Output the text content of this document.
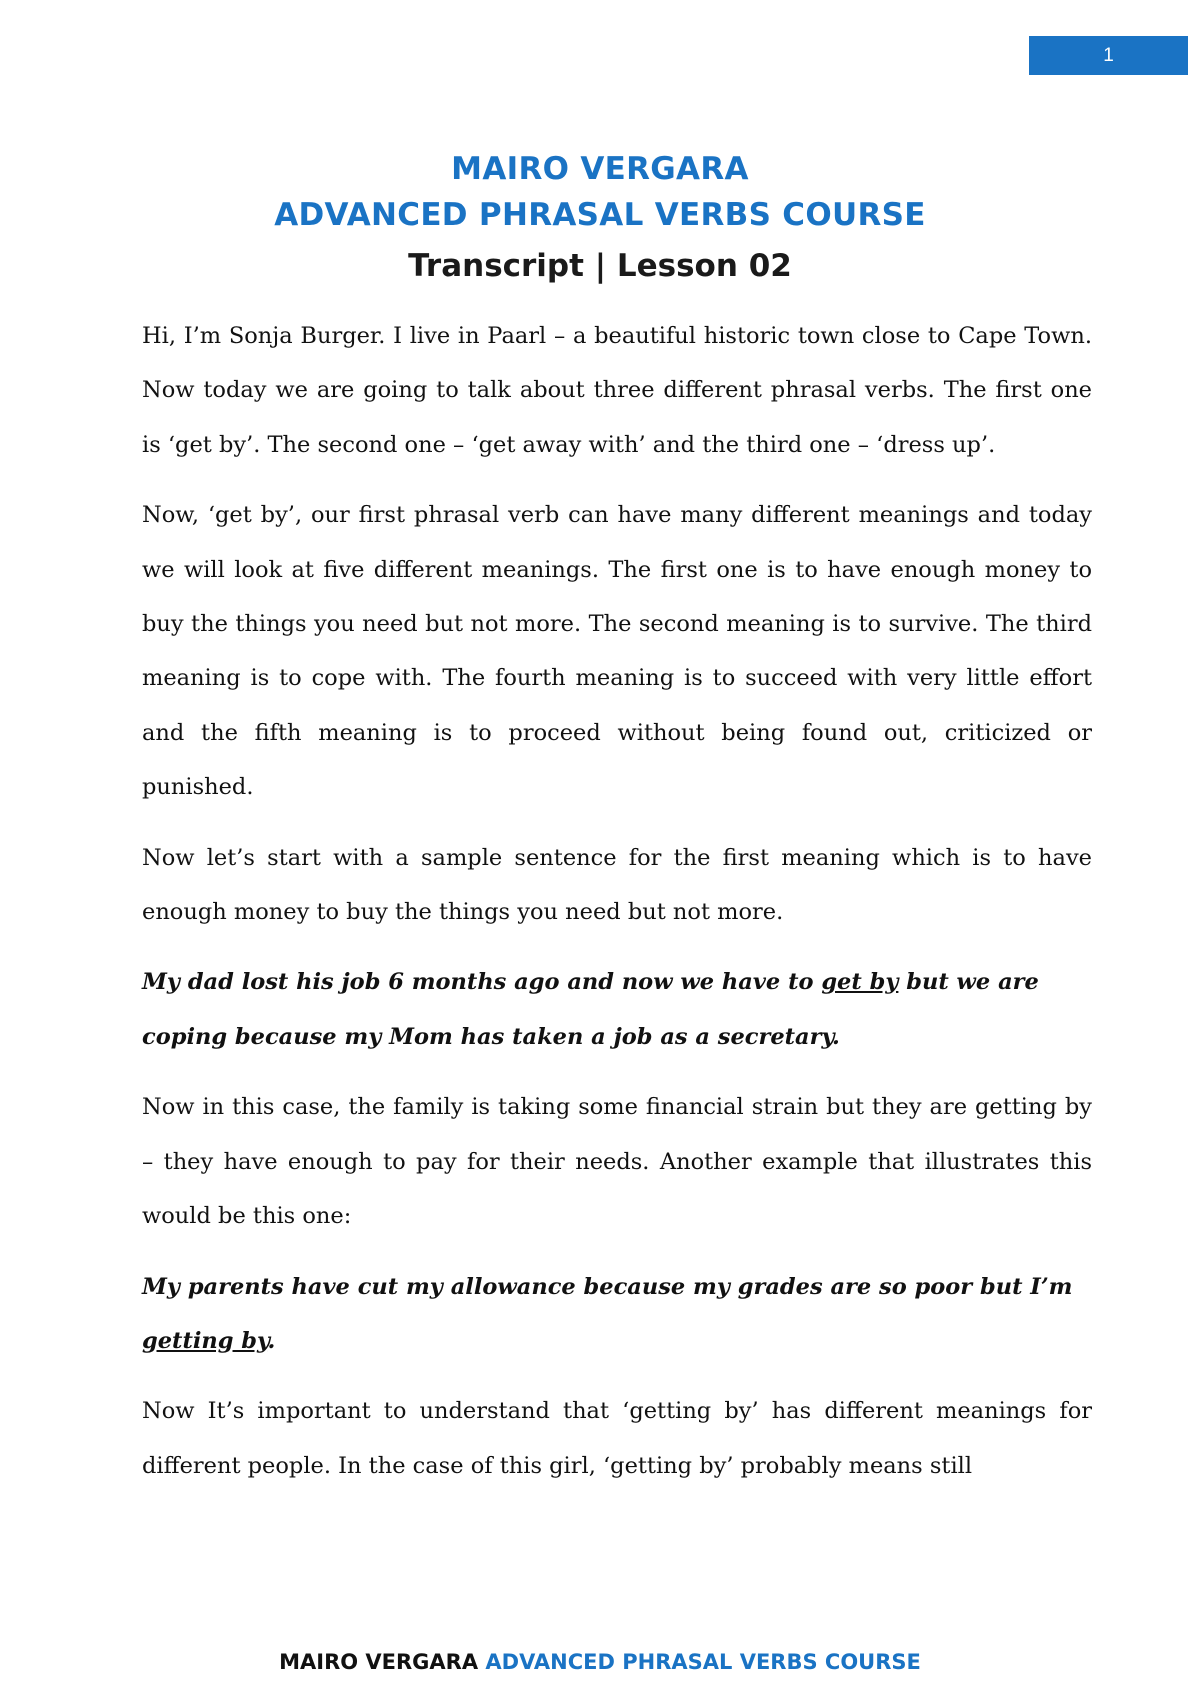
1
MAIRO VERGARA
ADVANCED PHRASAL VERBS COURSE
Transcript | Lesson 02

Hi, I’m Sonja Burger. I live in Paarl – a beautiful historic town close to Cape Town. Now today we are going to talk about three different phrasal verbs. The first one is ‘get by’. The second one – ‘get away with’ and the third one – ‘dress up’.

Now, ‘get by’, our first phrasal verb can have many different meanings and today we will look at five different meanings. The first one is to have enough money to buy the things you need but not more. The second meaning is to survive. The third meaning is to cope with. The fourth meaning is to succeed with very little effort and the fifth meaning is to proceed without being found out, criticized or punished.

Now let’s start with a sample sentence for the first meaning which is to have enough money to buy the things you need but not more.

My dad lost his job 6 months ago and now we have to get by but we are coping because my Mom has taken a job as a secretary.

Now in this case, the family is taking some financial strain but they are getting by – they have enough to pay for their needs. Another example that illustrates this would be this one:

My parents have cut my allowance because my grades are so poor but I’m getting by.

Now It’s important to understand that ‘getting by’ has different meanings for different people. In the case of this girl, ‘getting by’ probably means still

MAIRO VERGARA ADVANCED PHRASAL VERBS COURSE
